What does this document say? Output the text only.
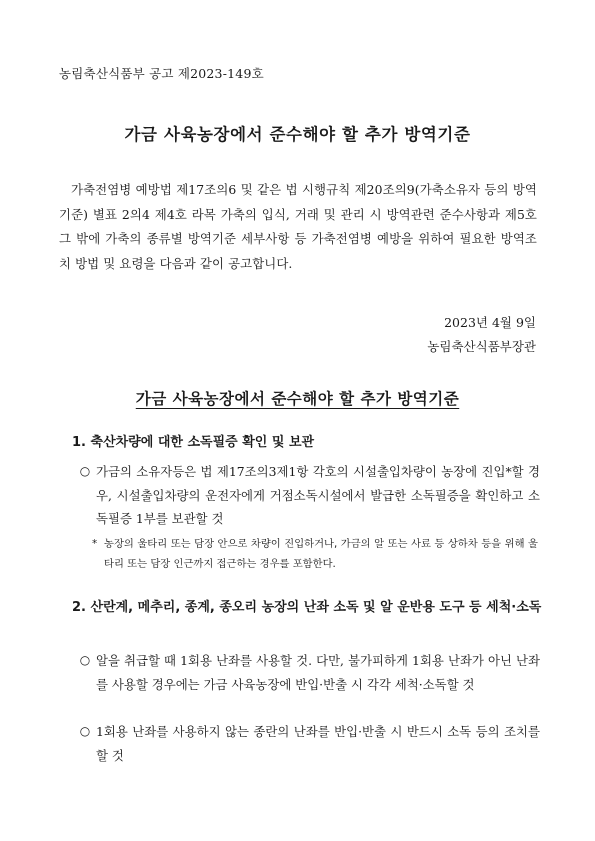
농림축산식품부 공고 제2023-149호
가금 사육농장에서 준수해야 할 추가 방역기준

가축전염병 예방법 제17조의6 및 같은 법 시행규칙 제20조의9(가축소유자 등의 방역기준) 별표 2의4 제4호 라목 가축의 입식, 거래 및 관리 시 방역관련 준수사항과 제5호 그 밖에 가축의 종류별 방역기준 세부사항 등 가축전염병 예방을 위하여 필요한 방역조치 방법 및 요령을 다음과 같이 공고합니다.

2023년 4월 9일
농림축산식품부장관
가금 사육농장에서 준수해야 할 추가 방역기준

1. 축산차량에 대한 소독필증 확인 및 보관

○ 가금의 소유자등은 법 제17조의3제1항 각호의 시설출입차량이 농장에 진입*할 경우, 시설출입차량의 운전자에게 거점소독시설에서 발급한 소독필증을 확인하고 소독필증 1부를 보관할 것

* 농장의 울타리 또는 담장 안으로 차량이 진입하거나, 가금의 알 또는 사료 등 상하차 등을 위해 울타리 또는 담장 인근까지 접근하는 경우를 포함한다.

2. 산란계, 메추리, 종계, 종오리 농장의 난좌 소독 및 알 운반용 도구 등 세척·소독

○ 알을 취급할 때 1회용 난좌를 사용할 것. 다만, 불가피하게 1회용 난좌가 아닌 난좌를 사용할 경우에는 가금 사육농장에 반입·반출 시 각각 세척·소독할 것

○ 1회용 난좌를 사용하지 않는 종란의 난좌를 반입·반출 시 반드시 소독 등의 조치를 할 것
